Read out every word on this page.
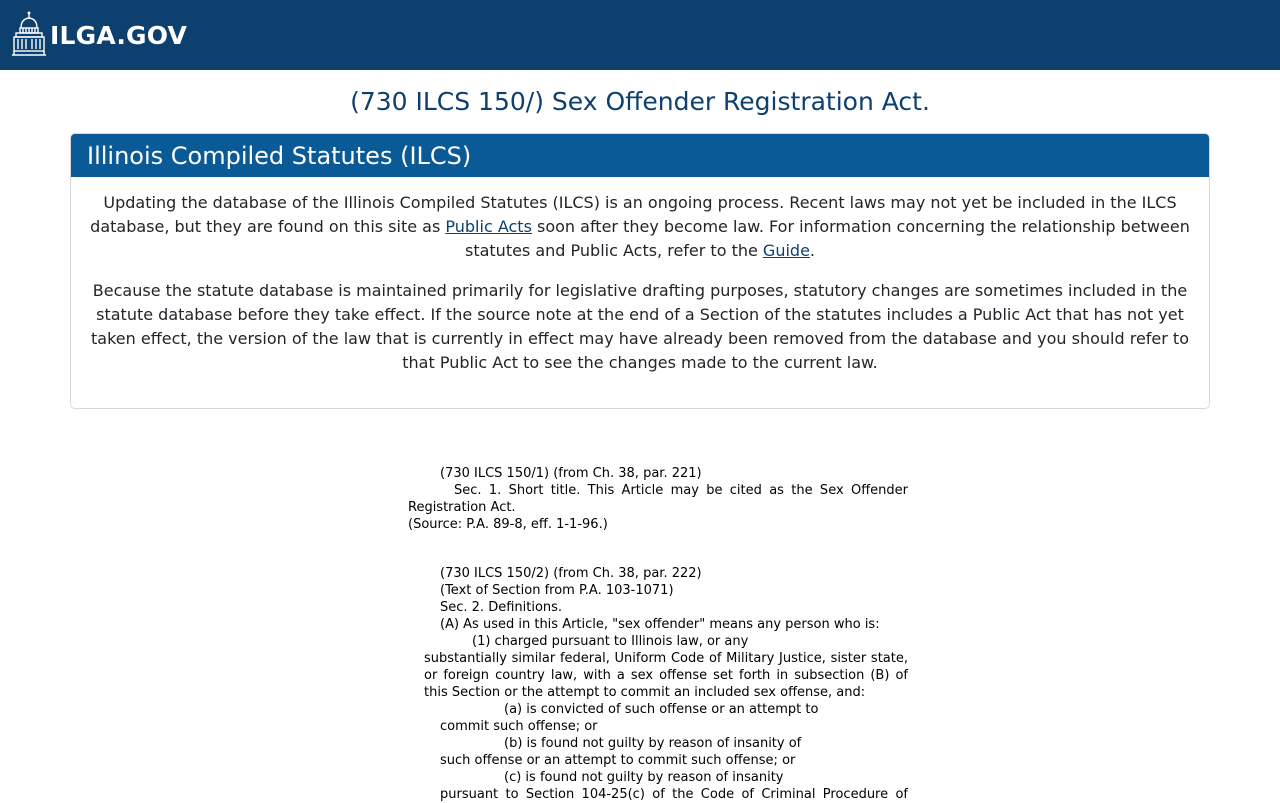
ILGA.GOV
(730 ILCS 150/) Sex Offender Registration Act.
Illinois Compiled Statutes (ILCS)

Updating the database of the Illinois Compiled Statutes (ILCS) is an ongoing process. Recent laws may not yet be included in the ILCS database, but they are found on this site as Public Acts soon after they become law. For information concerning the relationship between statutes and Public Acts, refer to the Guide.

Because the statute database is maintained primarily for legislative drafting purposes, statutory changes are sometimes included in the statute database before they take effect. If the source note at the end of a Section of the statutes includes a Public Act that has not yet taken effect, the version of the law that is currently in effect may have already been removed from the database and you should refer to that Public Act to see the changes made to the current law.

(730 ILCS 150/1) (from Ch. 38, par. 221)
Sec. 1. Short title. This Article may be cited as the Sex Offender
Registration Act.
(Source: P.A. 89-8, eff. 1-1-96.)
(730 ILCS 150/2) (from Ch. 38, par. 222)
(Text of Section from P.A. 103-1071)
Sec. 2. Definitions.
(A) As used in this Article, "sex offender" means any person who is:
(1) charged pursuant to Illinois law, or any
substantially similar federal, Uniform Code of Military Justice, sister state,
or foreign country law, with a sex offense set forth in subsection (B) of
this Section or the attempt to commit an included sex offense, and:
(a) is convicted of such offense or an attempt to
commit such offense; or
(b) is found not guilty by reason of insanity of
such offense or an attempt to commit such offense; or
(c) is found not guilty by reason of insanity
pursuant to Section 104-25(c) of the Code of Criminal Procedure of
